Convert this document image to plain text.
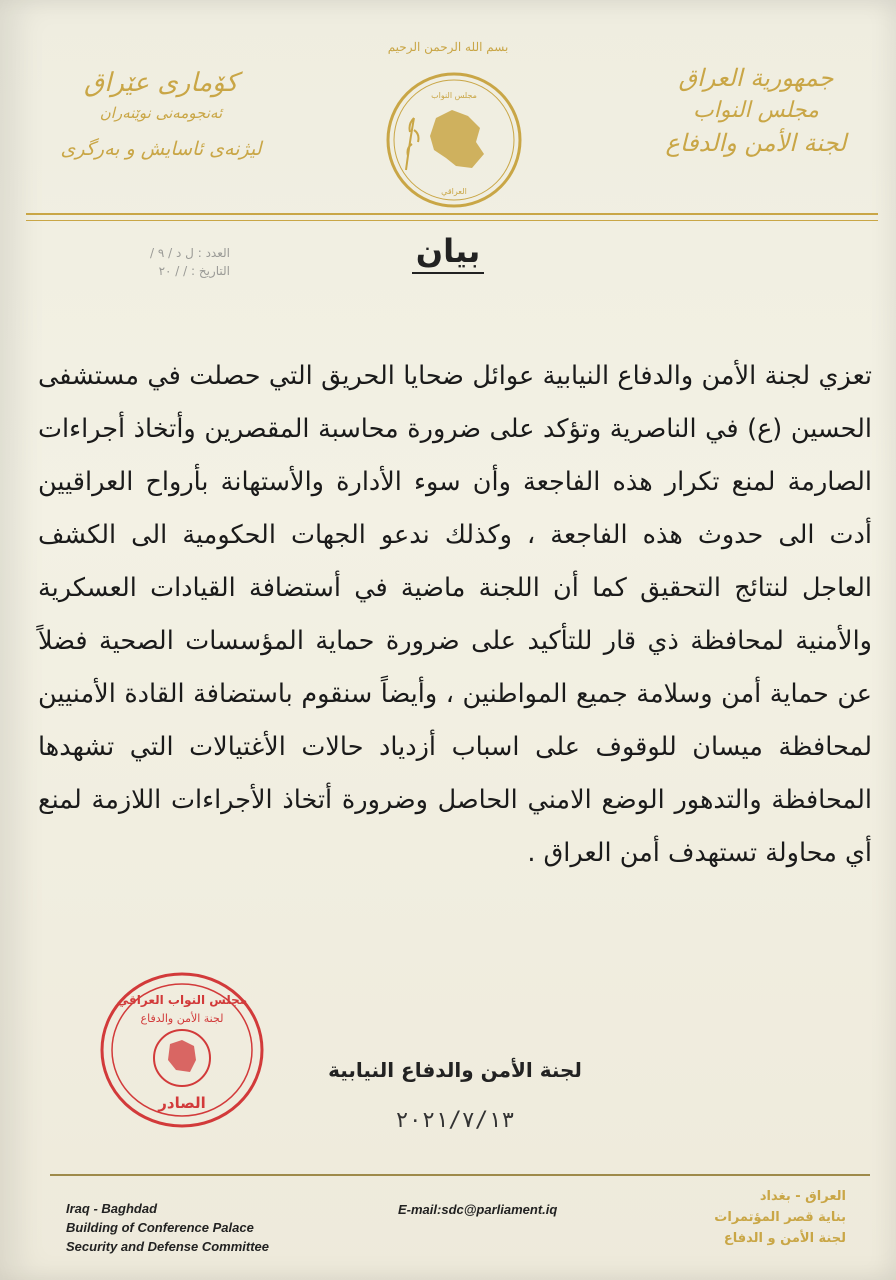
بسم الله الرحمن الرحيم
جمهورية العراق
مجلس النواب
لجنة الأمن والدفاع
كۆماری عێراق
ئەنجومەنی نوێنەران
لیژنەی ئاسایش و بەرگری
مجلس النواب
العراقي
العدد : ل د / ٩ /
التاريخ : / / ٢٠
بيان
تعزي لجنة الأمن والدفاع النيابية عوائل ضحايا الحريق التي حصلت في مستشفى الحسين (ع) في الناصرية وتؤكد على ضرورة محاسبة المقصرين وأتخاذ أجراءات الصارمة لمنع تكرار هذه الفاجعة وأن سوء الأدارة والأستهانة بأرواح العراقيين أدت الى حدوث هذه الفاجعة ، وكذلك ندعو الجهات الحكومية الى الكشف العاجل لنتائج التحقيق كما أن اللجنة ماضية في أستضافة القيادات العسكرية والأمنية لمحافظة ذي قار للتأكيد على ضرورة حماية المؤسسات الصحية فضلاً عن حماية أمن وسلامة جميع المواطنين ، وأيضاً سنقوم باستضافة القادة الأمنيين لمحافظة ميسان للوقوف على اسباب أزدياد حالات الأغتيالات التي تشهدها المحافظة والتدهور الوضع الامني الحاصل وضرورة أتخاذ الأجراءات اللازمة لمنع أي محاولة تستهدف أمن العراق .
مجلس النواب العراقي
لجنة الأمن والدفاع
الصادر
لجنة الأمن والدفاع النيابية
٢٠٢١/٧/١٣
Iraq - Baghdad
Building of Conference Palace
Security and Defense Committee
E-mail:sdc@parliament.iq
العراق - بغداد
بناية قصر المؤتمرات
لجنة الأمن و الدفاع
